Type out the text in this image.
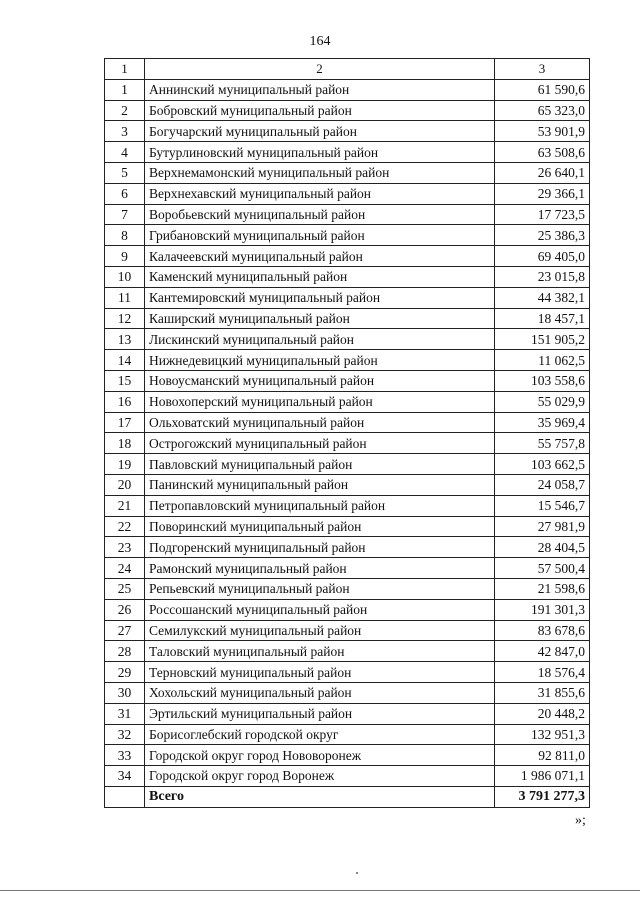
164
1	2	3
1	Аннинский муниципальный район	61 590,6
2	Бобровский муниципальный район	65 323,0
3	Богучарский муниципальный район	53 901,9
4	Бутурлиновский муниципальный район	63 508,6
5	Верхнемамонский муниципальный район	26 640,1
6	Верхнехавский муниципальный район	29 366,1
7	Воробьевский муниципальный район	17 723,5
8	Грибановский муниципальный район	25 386,3
9	Калачеевский муниципальный район	69 405,0
10	Каменский муниципальный район	23 015,8
11	Кантемировский муниципальный район	44 382,1
12	Каширский муниципальный район	18 457,1
13	Лискинский муниципальный район	151 905,2
14	Нижнедевицкий муниципальный район	11 062,5
15	Новоусманский муниципальный район	103 558,6
16	Новохоперский муниципальный район	55 029,9
17	Ольховатский муниципальный район	35 969,4
18	Острогожский муниципальный район	55 757,8
19	Павловский муниципальный район	103 662,5
20	Панинский муниципальный район	24 058,7
21	Петропавловский муниципальный район	15 546,7
22	Поворинский муниципальный район	27 981,9
23	Подгоренский муниципальный район	28 404,5
24	Рамонский муниципальный район	57 500,4
25	Репьевский муниципальный район	21 598,6
26	Россошанский муниципальный район	191 301,3
27	Семилукский муниципальный район	83 678,6
28	Таловский муниципальный район	42 847,0
29	Терновский муниципальный район	18 576,4
30	Хохольский муниципальный район	31 855,6
31	Эртильский муниципальный район	20 448,2
32	Борисоглебский городской округ	132 951,3
33	Городской округ город Нововоронеж	92 811,0
34	Городской округ город Воронеж	1 986 071,1
	Всего	3 791 277,3
»;
